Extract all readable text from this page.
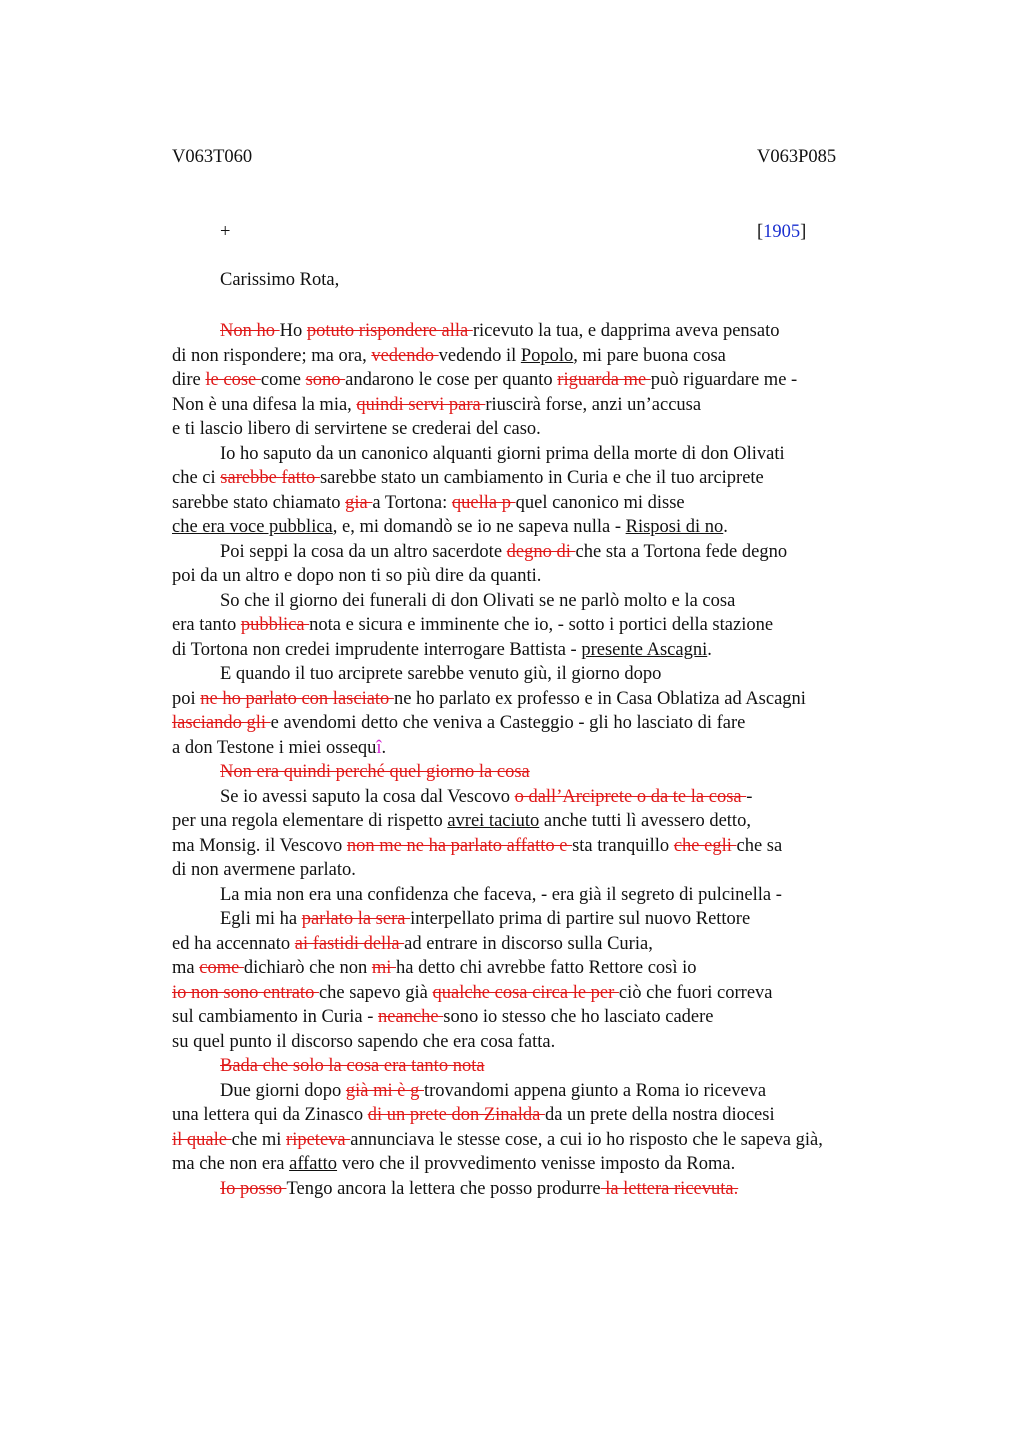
V063T060	V063P085
+	[1905]
Carissimo Rota,
Non ho Ho potuto rispondere alla ricevuto la tua, e dapprima aveva pensato
di non rispondere; ma ora, vedendo vedendo il Popolo, mi pare buona cosa
dire le cose come sono andarono le cose per quanto riguarda me può riguardare me -
Non è una difesa la mia, quindi servi para riuscirà forse, anzi un’accusa
e ti lascio libero di servirtene se crederai del caso.
Io ho saputo da un canonico alquanti giorni prima della morte di don Olivati
che ci sarebbe fatto sarebbe stato un cambiamento in Curia e che il tuo arciprete
sarebbe stato chiamato gia a Tortona: quella p quel canonico mi disse
che era voce pubblica, e, mi domandò se io ne sapeva nulla - Risposi di no.
Poi seppi la cosa da un altro sacerdote degno di che sta a Tortona fede degno
poi da un altro e dopo non ti so più dire da quanti.
So che il giorno dei funerali di don Olivati se ne parlò molto e la cosa
era tanto pubblica nota e sicura e imminente che io, - sotto i portici della stazione
di Tortona non credei imprudente interrogare Battista - presente Ascagni.
E quando il tuo arciprete sarebbe venuto giù, il giorno dopo
poi ne ho parlato con lasciato ne ho parlato ex professo e in Casa Oblatiza ad Ascagni
lasciando gli e avendomi detto che veniva a Casteggio - gli ho lasciato di fare
a don Testone i miei ossequî.
Non era quindi perché quel giorno la cosa
Se io avessi saputo la cosa dal Vescovo o dall’Arciprete o da te la cosa -
per una regola elementare di rispetto avrei taciuto anche tutti lì avessero detto,
ma Monsig. il Vescovo non me ne ha parlato affatto e sta tranquillo che egli che sa
di non avermene parlato.
La mia non era una confidenza che faceva, - era già il segreto di pulcinella -
Egli mi ha parlato la sera interpellato prima di partire sul nuovo Rettore
ed ha accennato ai fastidi della ad entrare in discorso sulla Curia,
ma come dichiarò che non mi ha detto chi avrebbe fatto Rettore così io
io non sono entrato che sapevo già qualche cosa circa le per ciò che fuori correva
sul cambiamento in Curia - neanche sono io stesso che ho lasciato cadere
su quel punto il discorso sapendo che era cosa fatta.
Bada che solo la cosa era tanto nota
Due giorni dopo già mi è g trovandomi appena giunto a Roma io riceveva
una lettera qui da Zinasco di un prete don Zinalda da un prete della nostra diocesi
il quale che mi ripeteva annunciava le stesse cose, a cui io ho risposto che le sapeva già,
ma che non era affatto vero che il provvedimento venisse imposto da Roma.
Io posso Tengo ancora la lettera che posso produrre la lettera ricevuta.
